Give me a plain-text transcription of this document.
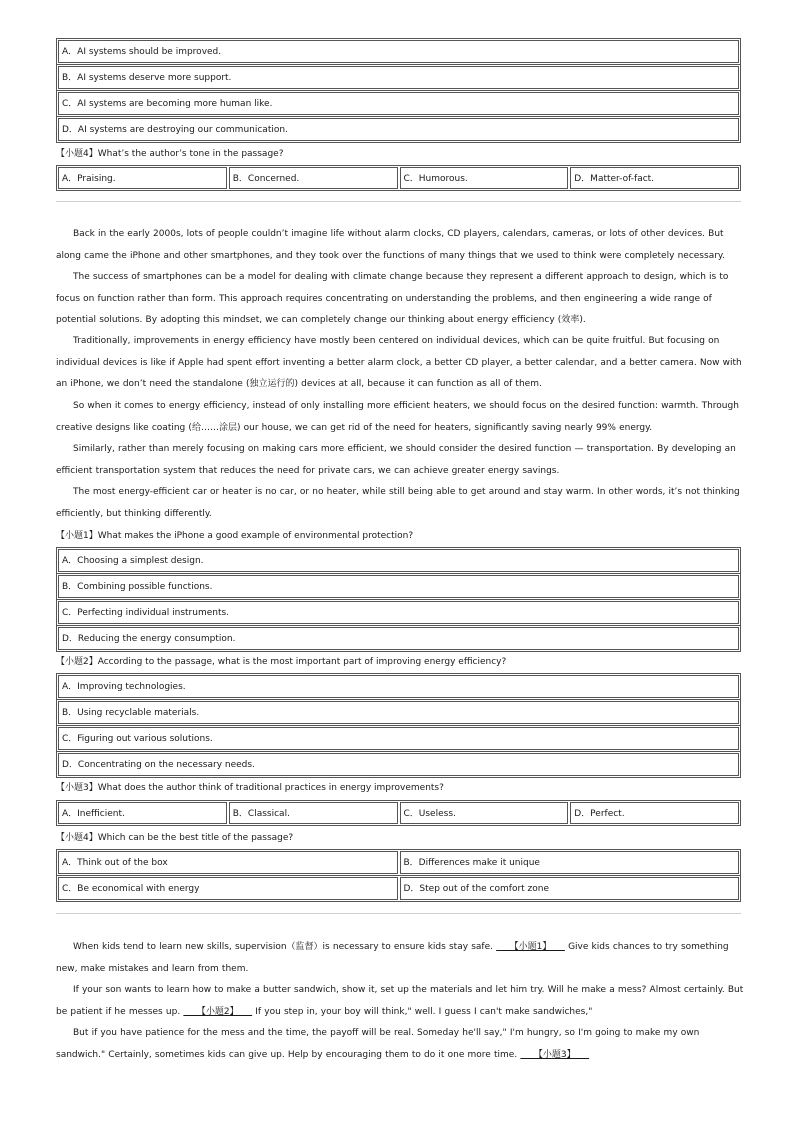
A．AI systems should be improved.
B．AI systems deserve more support.
C．AI systems are becoming more human like.
D．AI systems are destroying our communication.
【小题4】What’s the author’s tone in the passage?
A．Praising.	B．Concerned.	C．Humorous.	D．Matter-of-fact.
Back in the early 2000s, lots of people couldn’t imagine life without alarm clocks, CD players, calendars, cameras, or lots of other devices. But along came the iPhone and other smartphones, and they took over the functions of many things that we used to think were completely necessary.
The success of smartphones can be a model for dealing with climate change because they represent a different approach to design, which is to focus on function rather than form. This approach requires concentrating on understanding the problems, and then engineering a wide range of potential solutions. By adopting this mindset, we can completely change our thinking about energy efficiency (效率).
Traditionally, improvements in energy efficiency have mostly been centered on individual devices, which can be quite fruitful. But focusing on individual devices is like if Apple had spent effort inventing a better alarm clock, a better CD player, a better calendar, and a better camera. Now with an iPhone, we don’t need the standalone (独立运行的) devices at all, because it can function as all of them.
So when it comes to energy efficiency, instead of only installing more efficient heaters, we should focus on the desired function: warmth. Through creative designs like coating (给……涂层) our house, we can get rid of the need for heaters, significantly saving nearly 99% energy.
Similarly, rather than merely focusing on making cars more efficient, we should consider the desired function — transportation. By developing an efficient transportation system that reduces the need for private cars, we can achieve greater energy savings.
The most energy-efficient car or heater is no car, or no heater, while still being able to get around and stay warm. In other words, it’s not thinking efficiently, but thinking differently.
【小题1】What makes the iPhone a good example of environmental protection?
A．Choosing a simplest design.
B．Combining possible functions.
C．Perfecting individual instruments.
D．Reducing the energy consumption.
【小题2】According to the passage, what is the most important part of improving energy efficiency?
A．Improving technologies.
B．Using recyclable materials.
C．Figuring out various solutions.
D．Concentrating on the necessary needs.
【小题3】What does the author think of traditional practices in energy improvements?
A．Inefficient.	B．Classical.	C．Useless.	D．Perfect.
【小题4】Which can be the best title of the passage?
A．Think out of the box	B．Differences make it unique
C．Be economical with energy	D．Step out of the comfort zone
When kids tend to learn new skills, supervision（监督）is necessary to ensure kids stay safe. 　　【小题1】　　 Give kids chances to try something new, make mistakes and learn from them.
If your son wants to learn how to make a butter sandwich, show it, set up the materials and let him try. Will he make a mess? Almost certainly. But be patient if he messes up. 　　【小题2】　　 If you step in, your boy will think," well. I guess I can't make sandwiches,"
But if you have patience for the mess and the time, the payoff will be real. Someday he'll say," I'm hungry, so I'm going to make my own sandwich." Certainly, sometimes kids can give up. Help by encouraging them to do it one more time. 　　【小题3】　　
